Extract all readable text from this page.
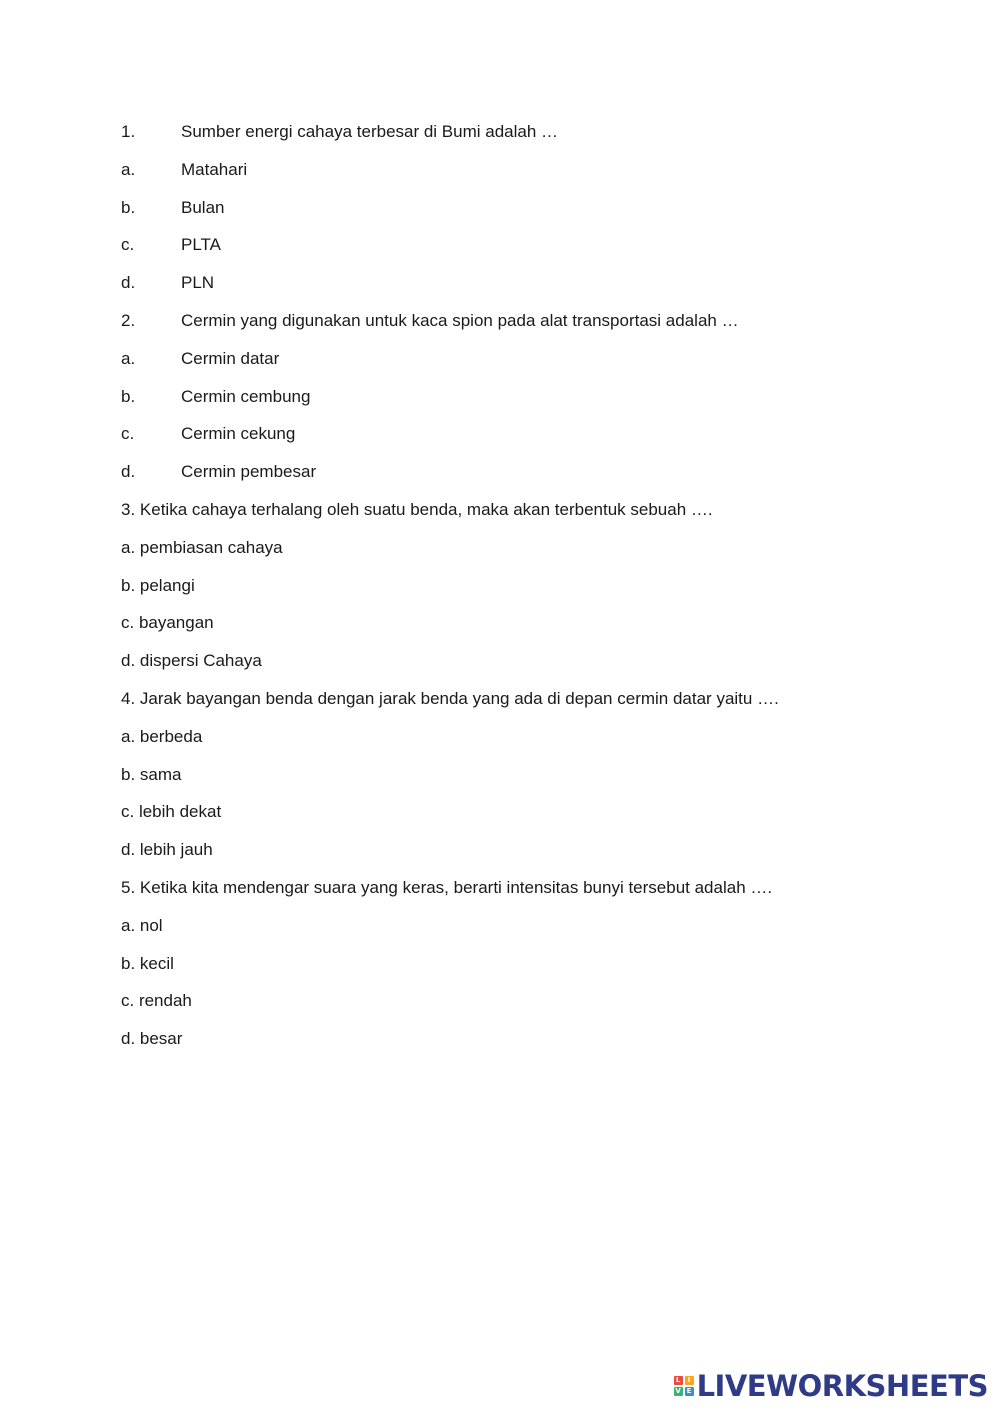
1.	Sumber energi cahaya terbesar di Bumi adalah …
a.	Matahari
b.	Bulan
c.	PLTA
d.	PLN
2.	Cermin yang digunakan untuk kaca spion pada alat transportasi adalah …
a.	Cermin datar
b.	Cermin cembung
c.	Cermin cekung
d.	Cermin pembesar
3. Ketika cahaya terhalang oleh suatu benda, maka akan terbentuk sebuah ….
a. pembiasan cahaya
b. pelangi
c. bayangan
d. dispersi Cahaya
4. Jarak bayangan benda dengan jarak benda yang ada di depan cermin datar yaitu ….
a. berbeda
b. sama
c. lebih dekat
d. lebih jauh
5. Ketika kita mendengar suara yang keras, berarti intensitas bunyi tersebut adalah ….
a. nol
b. kecil
c. rendah
d. besar
L	I
V E LIVEWORKSHEETS
